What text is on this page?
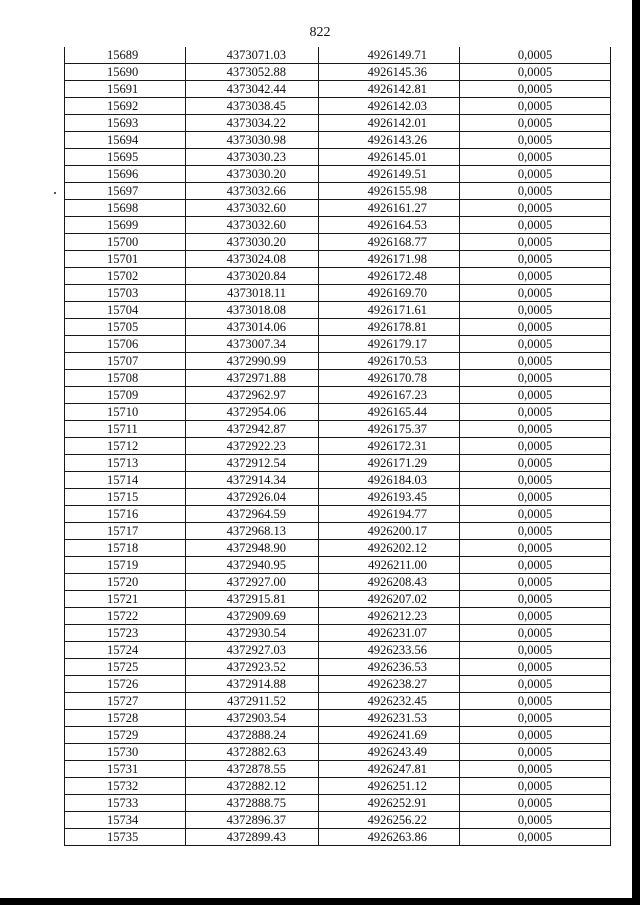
822
15689	4373071.03	4926149.71	0,0005
15690	4373052.88	4926145.36	0,0005
15691	4373042.44	4926142.81	0,0005
15692	4373038.45	4926142.03	0,0005
15693	4373034.22	4926142.01	0,0005
15694	4373030.98	4926143.26	0,0005
15695	4373030.23	4926145.01	0,0005
15696	4373030.20	4926149.51	0,0005
15697	4373032.66	4926155.98	0,0005
15698	4373032.60	4926161.27	0,0005
15699	4373032.60	4926164.53	0,0005
15700	4373030.20	4926168.77	0,0005
15701	4373024.08	4926171.98	0,0005
15702	4373020.84	4926172.48	0,0005
15703	4373018.11	4926169.70	0,0005
15704	4373018.08	4926171.61	0,0005
15705	4373014.06	4926178.81	0,0005
15706	4373007.34	4926179.17	0,0005
15707	4372990.99	4926170.53	0,0005
15708	4372971.88	4926170.78	0,0005
15709	4372962.97	4926167.23	0,0005
15710	4372954.06	4926165.44	0,0005
15711	4372942.87	4926175.37	0,0005
15712	4372922.23	4926172.31	0,0005
15713	4372912.54	4926171.29	0,0005
15714	4372914.34	4926184.03	0,0005
15715	4372926.04	4926193.45	0,0005
15716	4372964.59	4926194.77	0,0005
15717	4372968.13	4926200.17	0,0005
15718	4372948.90	4926202.12	0,0005
15719	4372940.95	4926211.00	0,0005
15720	4372927.00	4926208.43	0,0005
15721	4372915.81	4926207.02	0,0005
15722	4372909.69	4926212.23	0,0005
15723	4372930.54	4926231.07	0,0005
15724	4372927.03	4926233.56	0,0005
15725	4372923.52	4926236.53	0,0005
15726	4372914.88	4926238.27	0,0005
15727	4372911.52	4926232.45	0,0005
15728	4372903.54	4926231.53	0,0005
15729	4372888.24	4926241.69	0,0005
15730	4372882.63	4926243.49	0,0005
15731	4372878.55	4926247.81	0,0005
15732	4372882.12	4926251.12	0,0005
15733	4372888.75	4926252.91	0,0005
15734	4372896.37	4926256.22	0,0005
15735	4372899.43	4926263.86	0,0005
